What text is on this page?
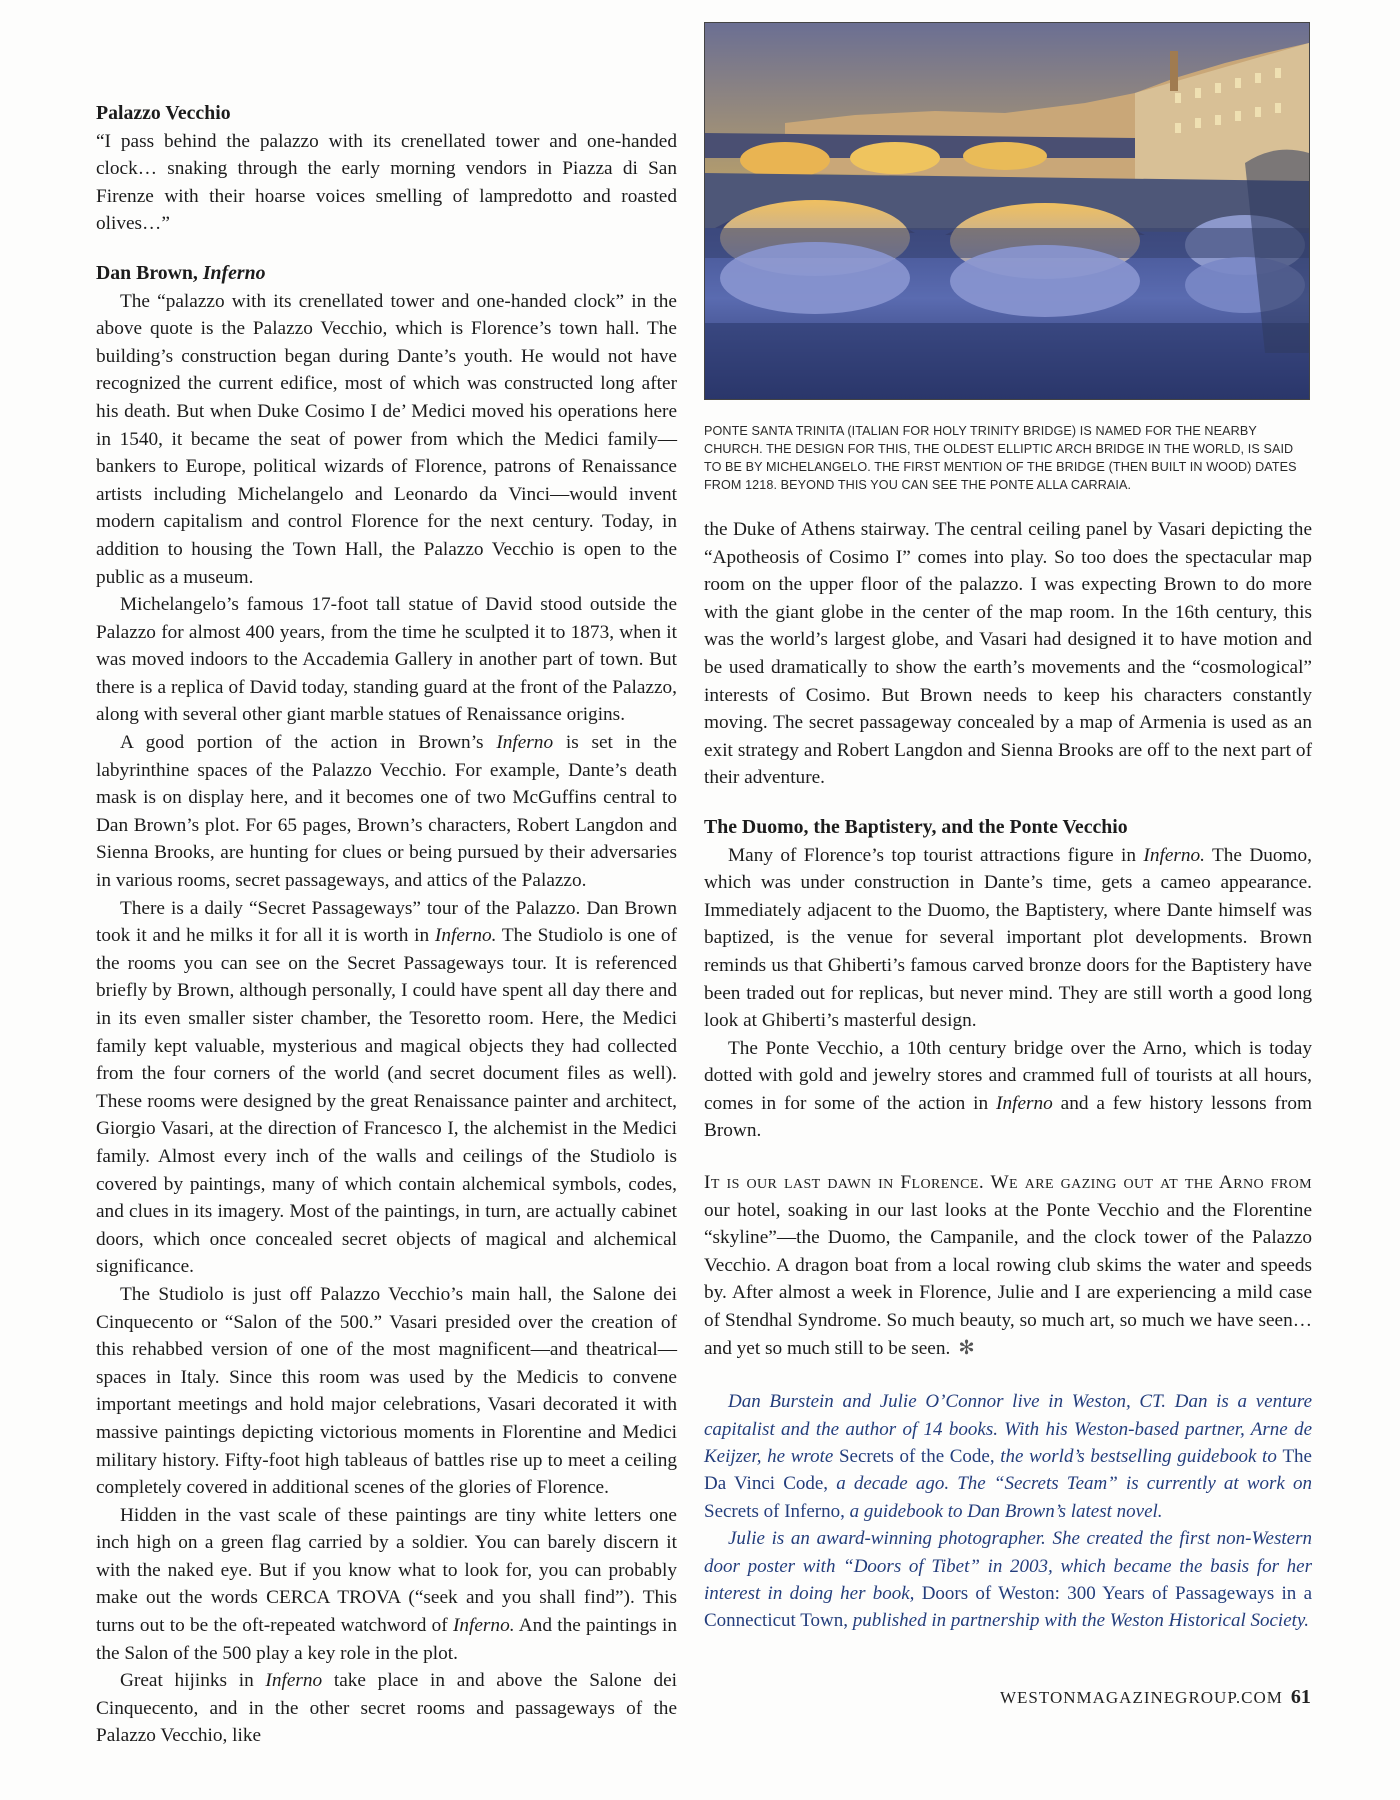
Palazzo Vecchio

“I pass behind the palazzo with its crenellated tower and one-handed clock… snaking through the early morning vendors in Piazza di San Firenze with their hoarse voices smelling of lampredotto and roasted olives…”

Dan Brown, Inferno

The “palazzo with its crenellated tower and one-handed clock” in the above quote is the Palazzo Vecchio, which is Florence’s town hall. The building’s construction began during Dante’s youth. He would not have recognized the current edifice, most of which was constructed long after his death. But when Duke Cosimo I de’ Medici moved his operations here in 1540, it became the seat of power from which the Medici family—bankers to Europe, political wizards of Florence, patrons of Renaissance artists including Michelangelo and Leonardo da Vinci—would invent modern capitalism and control Florence for the next century. Today, in addition to housing the Town Hall, the Palazzo Vecchio is open to the public as a museum.

Michelangelo’s famous 17-foot tall statue of David stood outside the Palazzo for almost 400 years, from the time he sculpted it to 1873, when it was moved indoors to the Accademia Gallery in another part of town. But there is a replica of David today, standing guard at the front of the Palazzo, along with several other giant marble statues of Renaissance origins.

A good portion of the action in Brown’s Inferno is set in the labyrinthine spaces of the Palazzo Vecchio. For example, Dante’s death mask is on display here, and it becomes one of two McGuffins central to Dan Brown’s plot. For 65 pages, Brown’s characters, Robert Langdon and Sienna Brooks, are hunting for clues or being pursued by their adversaries in various rooms, secret passageways, and attics of the Palazzo.

There is a daily “Secret Passageways” tour of the Palazzo. Dan Brown took it and he milks it for all it is worth in Inferno. The Studiolo is one of the rooms you can see on the Secret Passageways tour. It is referenced briefly by Brown, although personally, I could have spent all day there and in its even smaller sister chamber, the Tesoretto room. Here, the Medici family kept valuable, mysterious and magical objects they had collected from the four corners of the world (and secret document files as well). These rooms were designed by the great Renaissance painter and architect, Giorgio Vasari, at the direction of Francesco I, the alchemist in the Medici family. Almost every inch of the walls and ceilings of the Studiolo is covered by paintings, many of which contain alchemical symbols, codes, and clues in its imagery. Most of the paintings, in turn, are actually cabinet doors, which once concealed secret objects of magical and alchemical significance.

The Studiolo is just off Palazzo Vecchio’s main hall, the Salone dei Cinquecento or “Salon of the 500.” Vasari presided over the creation of this rehabbed version of one of the most magnificent—and theatrical—spaces in Italy. Since this room was used by the Medicis to convene important meetings and hold major celebrations, Vasari decorated it with massive paintings depicting victorious moments in Florentine and Medici military history. Fifty-foot high tableaus of battles rise up to meet a ceiling completely covered in additional scenes of the glories of Florence.

Hidden in the vast scale of these paintings are tiny white letters one inch high on a green flag carried by a soldier. You can barely discern it with the naked eye. But if you know what to look for, you can probably make out the words CERCA TROVA (“seek and you shall find”). This turns out to be the oft-repeated watchword of Inferno. And the paintings in the Salon of the 500 play a key role in the plot.

Great hijinks in Inferno take place in and above the Salone dei Cinquecento, and in the other secret rooms and passageways of the Palazzo Vecchio, like

PONTE SANTA TRINITA (ITALIAN FOR HOLY TRINITY BRIDGE) IS NAMED FOR THE NEARBY CHURCH. THE DESIGN FOR THIS, THE OLDEST ELLIPTIC ARCH BRIDGE IN THE WORLD, IS SAID TO BE BY MICHELANGELO. THE FIRST MENTION OF THE BRIDGE (THEN BUILT IN WOOD) DATES FROM 1218. BEYOND THIS YOU CAN SEE THE PONTE ALLA CARRAIA.

the Duke of Athens stairway. The central ceiling panel by Vasari depicting the “Apotheosis of Cosimo I” comes into play. So too does the spectacular map room on the upper floor of the palazzo. I was expecting Brown to do more with the giant globe in the center of the map room. In the 16th century, this was the world’s largest globe, and Vasari had designed it to have motion and be used dramatically to show the earth’s movements and the “cosmological” interests of Cosimo. But Brown needs to keep his characters constantly moving. The secret passageway concealed by a map of Armenia is used as an exit strategy and Robert Langdon and Sienna Brooks are off to the next part of their adventure.

The Duomo, the Baptistery, and the Ponte Vecchio

Many of Florence’s top tourist attractions figure in Inferno. The Duomo, which was under construction in Dante’s time, gets a cameo appearance. Immediately adjacent to the Duomo, the Baptistery, where Dante himself was baptized, is the venue for several important plot developments. Brown reminds us that Ghiberti’s famous carved bronze doors for the Baptistery have been traded out for replicas, but never mind. They are still worth a good long look at Ghiberti’s masterful design.

The Ponte Vecchio, a 10th century bridge over the Arno, which is today dotted with gold and jewelry stores and crammed full of tourists at all hours, comes in for some of the action in Inferno and a few history lessons from Brown.

It is our last dawn in Florence. We are gazing out at the Arno from our hotel, soaking in our last looks at the Ponte Vecchio and the Florentine “skyline”—the Duomo, the Campanile, and the clock tower of the Palazzo Vecchio. A dragon boat from a local rowing club skims the water and speeds by. After almost a week in Florence, Julie and I are experiencing a mild case of Stendhal Syndrome. So much beauty, so much art, so much we have seen… and yet so much still to be seen. ✻

Dan Burstein and Julie O’Connor live in Weston, CT. Dan is a venture capitalist and the author of 14 books. With his Weston-based partner, Arne de Keijzer, he wrote Secrets of the Code, the world’s bestselling guidebook to The Da Vinci Code, a decade ago. The “Secrets Team” is currently at work on Secrets of Inferno, a guidebook to Dan Brown’s latest novel.

Julie is an award-winning photographer. She created the first non-Western door poster with “Doors of Tibet” in 2003, which became the basis for her interest in doing her book, Doors of Weston: 300 Years of Passageways in a Connecticut Town, published in partnership with the Weston Historical Society.

WESTONMAGAZINEGROUP.COM 61
